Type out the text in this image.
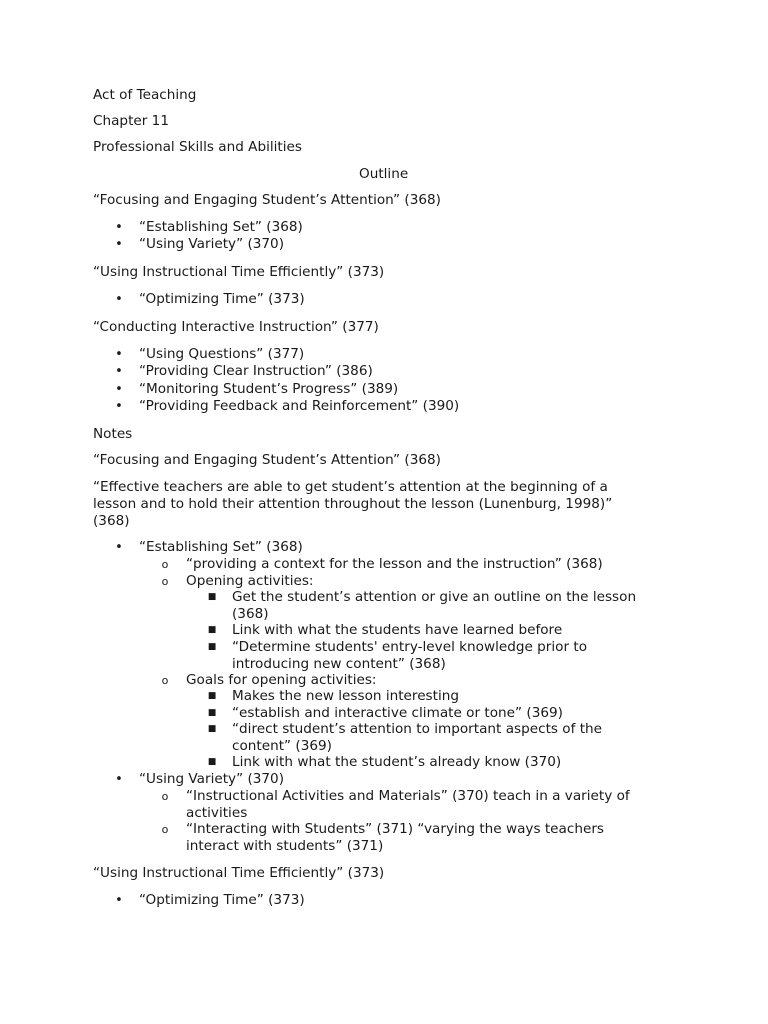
Act of Teaching
Chapter 11
Professional Skills and Abilities
Outline
“Focusing and Engaging Student’s Attention” (368)
• “Establishing Set” (368)
• “Using Variety” (370)
“Using Instructional Time Efficiently” (373)
• “Optimizing Time” (373)
“Conducting Interactive Instruction” (377)
• “Using Questions” (377)
• “Providing Clear Instruction” (386)
• “Monitoring Student’s Progress” (389)
• “Providing Feedback and Reinforcement” (390)
Notes
“Focusing and Engaging Student’s Attention” (368)
“Effective teachers are able to get student’s attention at the beginning of a
lesson and to hold their attention throughout the lesson (Lunenburg, 1998)”
(368)
• “Establishing Set” (368)
o “providing a context for the lesson and the instruction” (368)
o Opening activities:
■ Get the student’s attention or give an outline on the lesson
(368)
■ Link with what the students have learned before
■ “Determine students' entry-level knowledge prior to
introducing new content” (368)
o Goals for opening activities:
■ Makes the new lesson interesting
■ “establish and interactive climate or tone” (369)
■ “direct student’s attention to important aspects of the
content” (369)
■ Link with what the student’s already know (370)
• “Using Variety” (370)
o “Instructional Activities and Materials” (370) teach in a variety of
activities
o “Interacting with Students” (371) “varying the ways teachers
interact with students” (371)
“Using Instructional Time Efficiently” (373)
• “Optimizing Time” (373)
